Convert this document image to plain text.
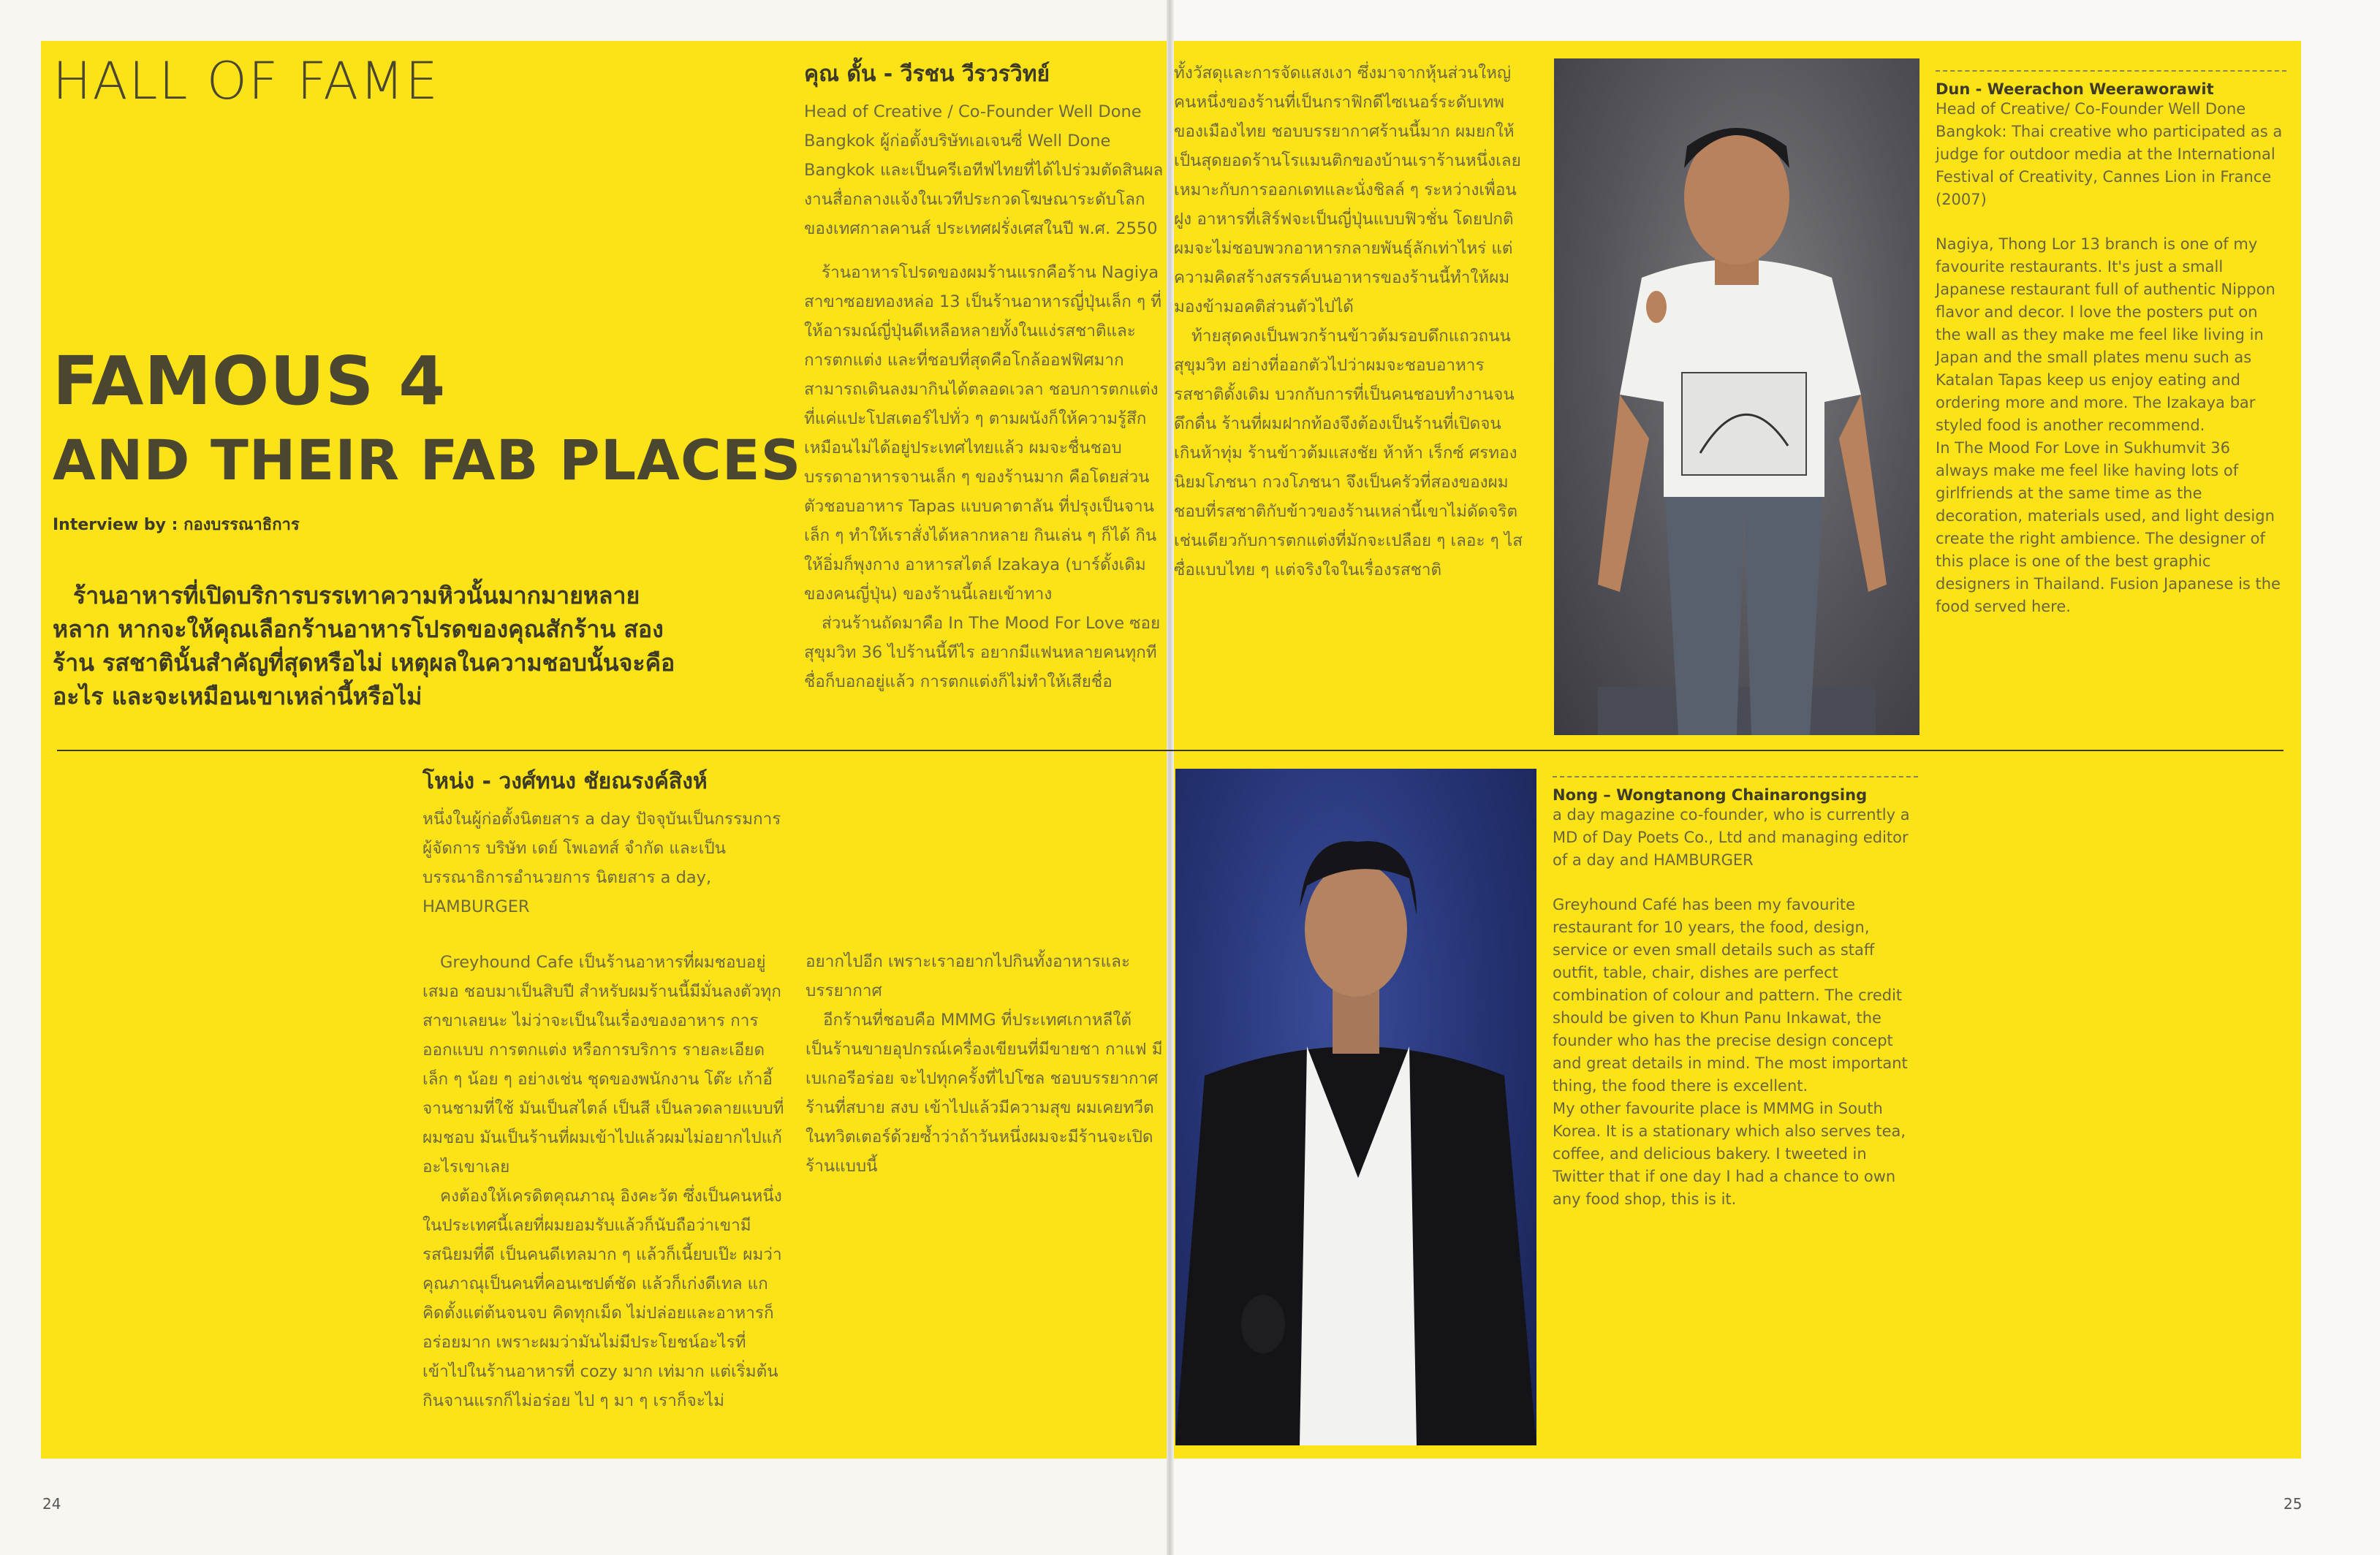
HALL OF FAME
FAMOUS 4
AND THEIR FAB PLACES
Interview by : กองบรรณาธิการ
ร้านอาหารที่เปิดบริการบรรเทาความหิวนั้นมากมายหลายหลาก หากจะให้คุณเลือกร้านอาหารโปรดของคุณสักร้าน สองร้าน รสชาตินั้นสำคัญที่สุดหรือไม่ เหตุผลในความชอบนั้นจะคืออะไร และจะเหมือนเขาเหล่านี้หรือไม่
คุณ ดั้น - วีรชน วีรวรวิทย์

Head of Creative / Co-Founder Well Done Bangkok ผู้ก่อตั้งบริษัทเอเจนซี่ Well Done Bangkok และเป็นครีเอทีฟไทยที่ได้ไปร่วมตัดสินผลงานสื่อกลางแจ้งในเวทีประกวดโฆษณาระดับโลก ของเทศกาลคานส์ ประเทศฝรั่งเศสในปี พ.ศ. 2550

ร้านอาหารโปรดของผมร้านแรกคือร้าน Nagiya สาขาซอยทองหล่อ 13 เป็นร้านอาหารญี่ปุ่นเล็ก ๆ ที่ให้อารมณ์ญี่ปุ่นดีเหลือหลายทั้งในแง่รสชาติและการตกแต่ง และที่ชอบที่สุดคือโกล้ออฟฟิศมาก สามารถเดินลงมากินได้ตลอดเวลา ชอบการตกแต่งที่แค่แปะโปสเตอร์ไปทั่ว ๆ ตามผนังก็ให้ความรู้สึกเหมือนไม่ได้อยู่ประเทศไทยแล้ว ผมจะชื่นชอบบรรดาอาหารจานเล็ก ๆ ของร้านมาก คือโดยส่วนตัวชอบอาหาร Tapas แบบคาตาลัน ที่ปรุงเป็นจานเล็ก ๆ ทำให้เราสั่งได้หลากหลาย กินเล่น ๆ ก็ได้ กินให้อิ่มก็พุงกาง อาหารสไตล์ Izakaya (บาร์ดั้งเดิมของคนญี่ปุ่น) ของร้านนี้เลยเข้าทาง

ส่วนร้านถัดมาคือ In The Mood For Love ซอยสุขุมวิท 36 ไปร้านนี้ทีไร อยากมีแฟนหลายคนทุกที ชื่อก็บอกอยู่แล้ว การตกแต่งก็ไม่ทำให้เสียชื่อ

โหน่ง - วงศ์ทนง ชัยณรงค์สิงห์

หนึ่งในผู้ก่อตั้งนิตยสาร a day ปัจจุบันเป็นกรรมการผู้จัดการ บริษัท เดย์ โพเอทส์ จำกัด และเป็นบรรณาธิการอำนวยการ นิตยสาร a day, HAMBURGER

Greyhound Cafe เป็นร้านอาหารที่ผมชอบอยู่เสมอ ชอบมาเป็นสิบปี สำหรับผมร้านนี้มีมั่นลงตัวทุกสาขาเลยนะ ไม่ว่าจะเป็นในเรื่องของอาหาร การออกแบบ การตกแต่ง หรือการบริการ รายละเอียดเล็ก ๆ น้อย ๆ อย่างเช่น ชุดของพนักงาน โต๊ะ เก้าอี้ จานชามที่ใช้ มันเป็นสไตล์ เป็นสี เป็นลวดลายแบบที่ผมชอบ มันเป็นร้านที่ผมเข้าไปแล้วผมไม่อยากไปแก้อะไรเขาเลย

คงต้องให้เครดิตคุณภาณุ อิงคะวัต ซึ่งเป็นคนหนึ่งในประเทศนี้เลยที่ผมยอมรับแล้วก็นับถือว่าเขามีรสนิยมที่ดี เป็นคนดีเทลมาก ๆ แล้วก็เนี้ยบเป๊ะ ผมว่าคุณภาณุเป็นคนที่คอนเซปต์ชัด แล้วก็เก่งดีเทล แกคิดตั้งแต่ต้นจนจบ คิดทุกเม็ด ไม่ปล่อยและอาหารก็อร่อยมาก เพราะผมว่ามันไม่มีประโยชน์อะไรที่เข้าไปในร้านอาหารที่ cozy มาก เท่มาก แต่เริ่มต้นกินจานแรกก็ไม่อร่อย ไป ๆ มา ๆ เราก็จะไม่

อยากไปอีก เพราะเราอยากไปกินทั้งอาหารและบรรยากาศ

อีกร้านที่ชอบคือ MMMG ที่ประเทศเกาหลีใต้ เป็นร้านขายอุปกรณ์เครื่องเขียนที่มีขายชา กาแฟ มีเบเกอรีอร่อย จะไปทุกครั้งที่ไปโซล ชอบบรรยากาศร้านที่สบาย สงบ เข้าไปแล้วมีความสุข ผมเคยทวีตในทวิตเตอร์ด้วยซ้ำว่าถ้าวันหนึ่งผมจะมีร้านจะเปิดร้านแบบนี้

24

ทั้งวัสดุและการจัดแสงเงา ซึ่งมาจากหุ้นส่วนใหญ่คนหนึ่งของร้านที่เป็นกราฟิกดีไซเนอร์ระดับเทพของเมืองไทย ชอบบรรยากาศร้านนี้มาก ผมยกให้เป็นสุดยอดร้านโรแมนติกของบ้านเราร้านหนึ่งเลย เหมาะกับการออกเดทและนั่งชิลล์ ๆ ระหว่างเพื่อนฝูง อาหารที่เสิร์ฟจะเป็นญี่ปุ่นแบบฟิวชั่น โดยปกติผมจะไม่ชอบพวกอาหารกลายพันธุ์ลักเท่าไหร่ แต่ความคิดสร้างสรรค์บนอาหารของร้านนี้ทำให้ผมมองข้ามอคติส่วนตัวไปได้

ท้ายสุดคงเป็นพวกร้านข้าวต้มรอบดึกแถวถนนสุขุมวิท อย่างที่ออกตัวไปว่าผมจะชอบอาหารรสชาติดั้งเดิม บวกกับการที่เป็นคนชอบทำงานจนดึกดื่น ร้านที่ผมฝากท้องจึงต้องเป็นร้านที่เปิดจนเกินห้าทุ่ม ร้านข้าวต้มแสงชัย ห้าห้า เร็กซ์ ศรทอง นิยมโภชนา กวงโภชนา จึงเป็นครัวที่สองของผม ชอบที่รสชาติกับข้าวของร้านเหล่านี้เขาไม่ดัดจริต เช่นเดียวกับการตกแต่งที่มักจะเปลือย ๆ เลอะ ๆ ไสซื่อแบบไทย ๆ แต่จริงใจในเรื่องรสชาติ

Dun - Weerachon Weeraworawit

Head of Creative/ Co-Founder Well Done Bangkok: Thai creative who participated as a judge for outdoor media at the International Festival of Creativity, Cannes Lion in France (2007)

Nagiya, Thong Lor 13 branch is one of my favourite restaurants. It's just a small Japanese restaurant full of authentic Nippon flavor and decor. I love the posters put on the wall as they make me feel like living in Japan and the small plates menu such as Katalan Tapas keep us enjoy eating and ordering more and more. The Izakaya bar styled food is another recommend.

In The Mood For Love in Sukhumvit 36 always make me feel like having lots of girlfriends at the same time as the decoration, materials used, and light design create the right ambience. The designer of this place is one of the best graphic designers in Thailand. Fusion Japanese is the food served here.

Nong – Wongtanong Chainarongsing

a day magazine co-founder, who is currently a MD of Day Poets Co., Ltd and managing editor of a day and HAMBURGER

Greyhound Café has been my favourite restaurant for 10 years, the food, design, service or even small details such as staff outfit, table, chair, dishes are perfect combination of colour and pattern. The credit should be given to Khun Panu Inkawat, the founder who has the precise design concept and great details in mind. The most important thing, the food there is excellent.

My other favourite place is MMMG in South Korea. It is a stationary which also serves tea, coffee, and delicious bakery. I tweeted in Twitter that if one day I had a chance to own any food shop, this is it.

25
